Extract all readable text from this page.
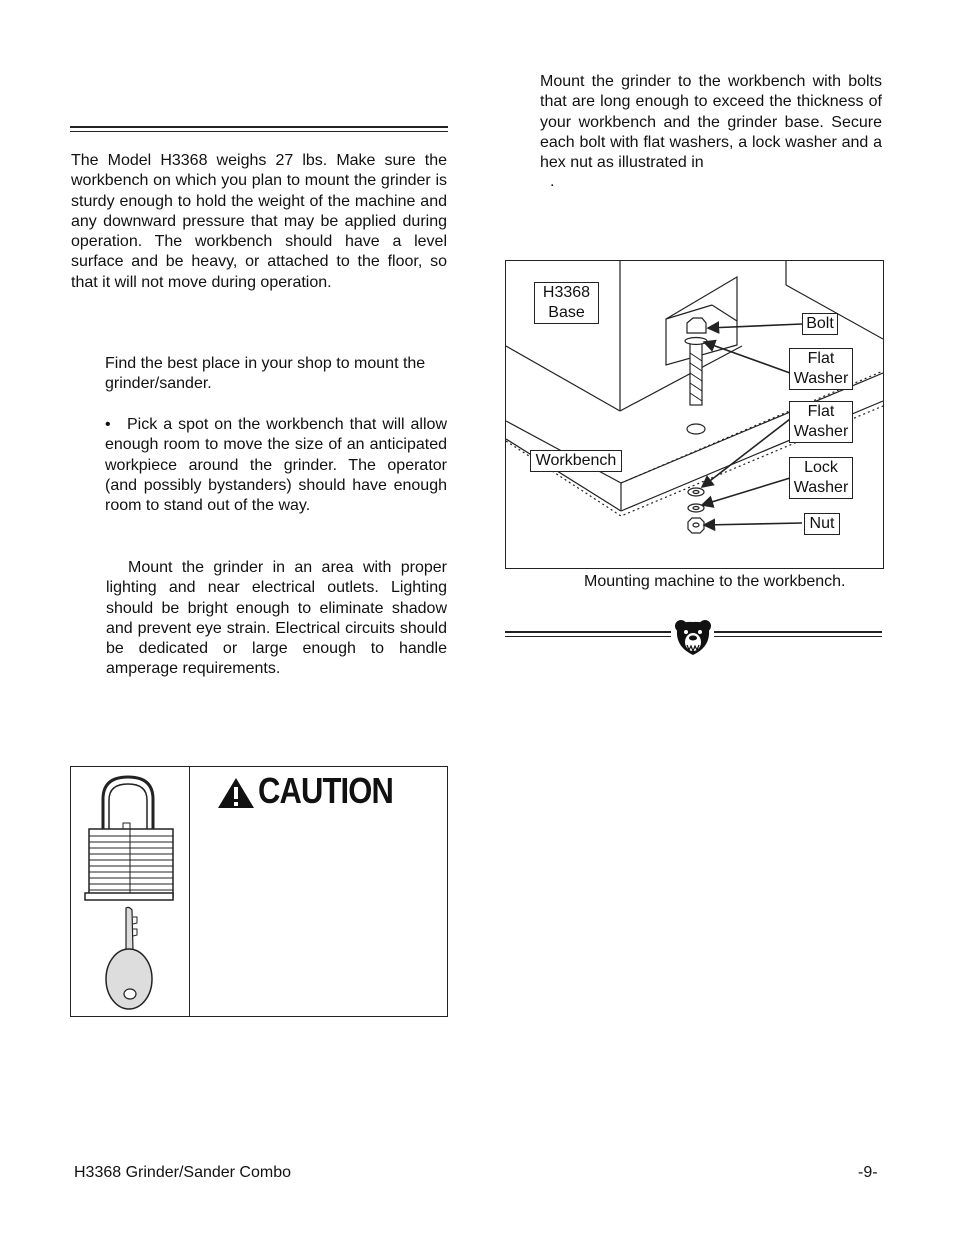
The Model H3368 weighs 27 lbs. Make sure the workbench on which you plan to mount the grinder is sturdy enough to hold the weight of the machine and any downward pressure that may be applied during operation. The workbench should have a level surface and be heavy, or attached to the floor, so that it will not move during operation.

Find the best place in your shop to mount the grinder/sander.

•	Pick a spot on the workbench that will allow enough room to move the size of an anticipated workpiece around the grinder. The operator (and possibly bystanders) should have enough room to stand out of the way.

Mount the grinder in an area with proper lighting and near electrical outlets. Lighting should be bright enough to eliminate shadow and prevent eye strain. Electrical circuits should be dedicated or large enough to handle amperage requirements.

CAUTION

Mount the grinder to the workbench with bolts that are long enough to exceed the thickness of your workbench and the grinder base. Secure each bolt with flat washers, a lock washer and a hex nut as illustrated in

.
H3368
Base
Bolt
Flat
Washer
Flat
Washer
Lock
Washer
Nut
Workbench
Mounting machine to the workbench.
H3368 Grinder/Sander Combo	-9-
